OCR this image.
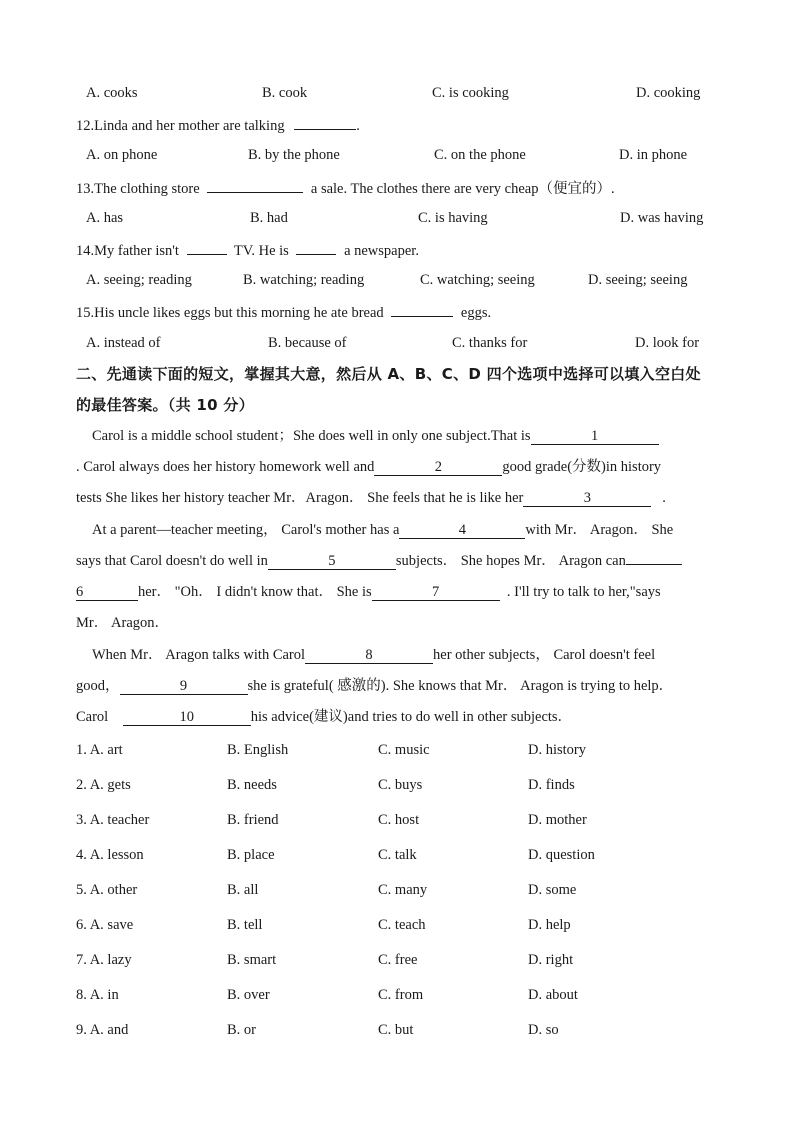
A. cooks	B. cook	C. is cooking	D. cooking
12.Linda and her mother are talking	.
A. on phone	B. by the phone	C. on the phone	D. in phone
13.The clothing store	a sale. The clothes there are very cheap（便宜的）.
A. has	B. had	C. is having	D. was having
14.My father isn't	TV. He is	a newspaper.
A. seeing; reading	B. watching; reading	C. watching; seeing	D. seeing; seeing
15.His uncle likes eggs but this morning he ate bread	eggs.
A. instead of	B. because of	C. thanks for	D. look for
二、先通读下面的短文，掌握其大意，然后从 A、B、C、D 四个选项中选择可以填入空白处
的最佳答案。（共 10 分）
Carol is a middle school student；She does well in only one subject.That is	1
. Carol always does her history homework well and	2	good grade(分数)in history
tests She likes her history teacher Mr．Aragon． She feels that he is like her	3	.
At a parent—teacher meeting， Carol's mother has a	4	with Mr． Aragon． She
says that Carol doesn't do well in	5	subjects． She hopes Mr． Aragon can
6	her． "Oh． I didn't know that． She is	7	. I'll try to talk to her,"says
Mr． Aragon．
When Mr． Aragon talks with Carol	8	her other subjects， Carol doesn't feel
good，	9	she is grateful( 感激的). She knows that Mr． Aragon is trying to help．
Carol	10	his advice(建议)and tries to do well in other subjects．
1. A. art	B. English	C. music	D. history
2. A. gets	B. needs	C. buys	D. finds
3. A. teacher	B. friend	C. host	D. mother
4. A. lesson	B. place	C. talk	D. question
5. A. other	B. all	C. many	D. some
6. A. save	B. tell	C. teach	D. help
7. A. lazy	B. smart	C. free	D. right
8. A. in	B. over	C. from	D. about
9. A. and	B. or	C. but	D. so
